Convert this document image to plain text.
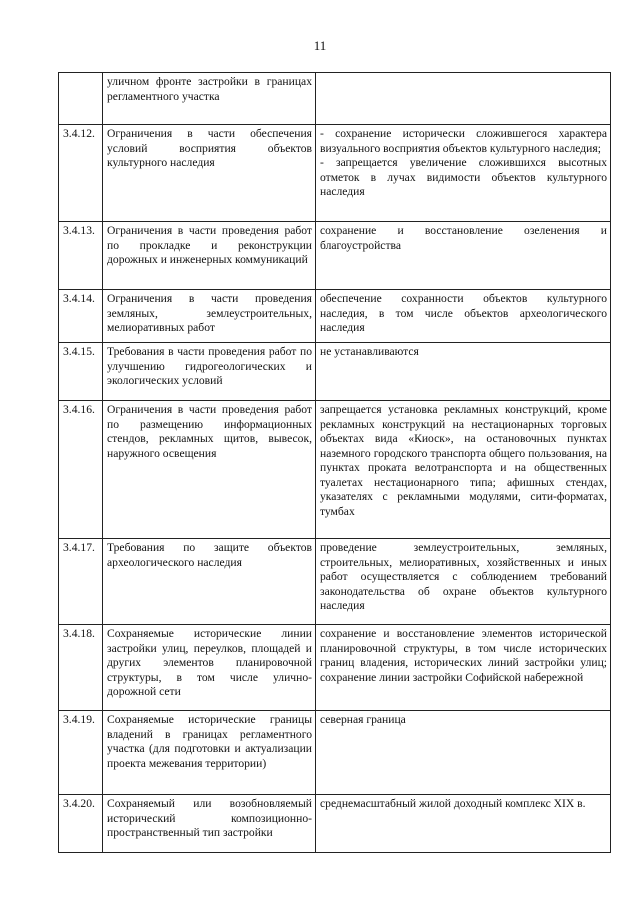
11
	уличном фронте застройки в границах регламентного участка	
3.4.12.	Ограничения в части обеспечения условий восприятия объектов культурного наследия	- сохранение исторически сложившегося характера визуального восприятия объектов культурного наследия;
- запрещается увеличение сложившихся высотных отметок в лучах видимости объектов культурного наследия

3.4.13.	Ограничения в части проведения работ по прокладке и реконструкции дорожных и инженерных коммуникаций	сохранение и восстановление озеленения и благоустройства

3.4.14.	Ограничения в части проведения земляных, землеустроительных, мелиоративных работ	обеспечение сохранности объектов культурного наследия, в том числе объектов археологического наследия

3.4.15.	Требования в части проведения работ по улучшению гидрогеологических и экологических условий	не устанавливаются

3.4.16.	Ограничения в части проведения работ по размещению информационных стендов, рекламных щитов, вывесок, наружного освещения	запрещается установка рекламных конструкций, кроме рекламных конструкций на нестационарных торговых объектах вида «Киоск», на остановочных пунктах наземного городского транспорта общего пользования, на пунктах проката велотранспорта и на общественных туалетах нестационарного типа; афишных стендах, указателях с рекламными модулями, сити-форматах, тумбах

3.4.17.	Требования по защите объектов археологического наследия	проведение землеустроительных, земляных, строительных, мелиоративных, хозяйственных и иных работ осуществляется с соблюдением требований законодательства об охране объектов культурного наследия

3.4.18.	Сохраняемые исторические линии застройки улиц, переулков, площадей и других элементов планировочной структуры, в том числе улично-дорожной сети	сохранение и восстановление элементов исторической планировочной структуры, в том числе исторических границ владения, исторических линий застройки улиц; сохранение линии застройки Софийской набережной

3.4.19.	Сохраняемые исторические границы владений в границах регламентного участка (для подготовки и актуализации проекта межевания территории)	северная граница

3.4.20.	Сохраняемый или возобновляемый исторический композиционно-пространственный тип застройки	среднемасштабный жилой доходный комплекс XIX в.
